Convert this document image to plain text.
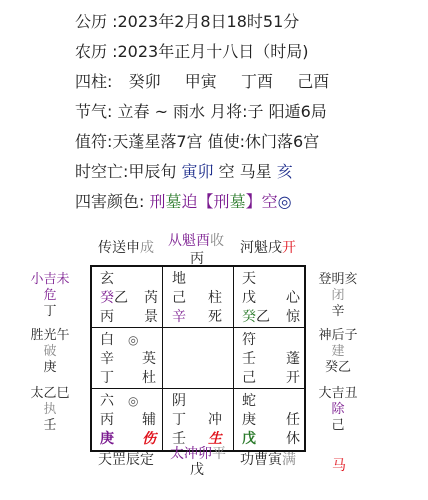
公历 :2023年2月8日18时51分
农历 :2023年正月十八日（时局)
四柱: 癸卯 甲寅 丁酉 己酉
节气: 立春 ~ 雨水 月将:子 阳遁6局
值符:天蓬星落7宫 值使:休门落6宫
时空亡:甲辰旬 寅卯 空 马星 亥
四害颜色: 刑墓迫【刑墓】空◎
传送申成 从魁酉收
丙
河魁戌开
小吉未
危
丁
胜光午
破
庚
太乙巳
执
壬
登明亥
闭
辛
神后子
建
癸乙
大吉丑
除
己
玄
癸乙 芮
丙 景
地
己 柱
辛 死
天
戊 心
癸乙 惊
白 ◎
辛 英
丁 杜
符
壬 蓬
己 开
六 ◎
丙 辅
庚 伤
阴
丁 冲
壬 生
蛇
庚 任
戊 休
天罡辰定 太冲卯平
戊
功曹寅满	马
